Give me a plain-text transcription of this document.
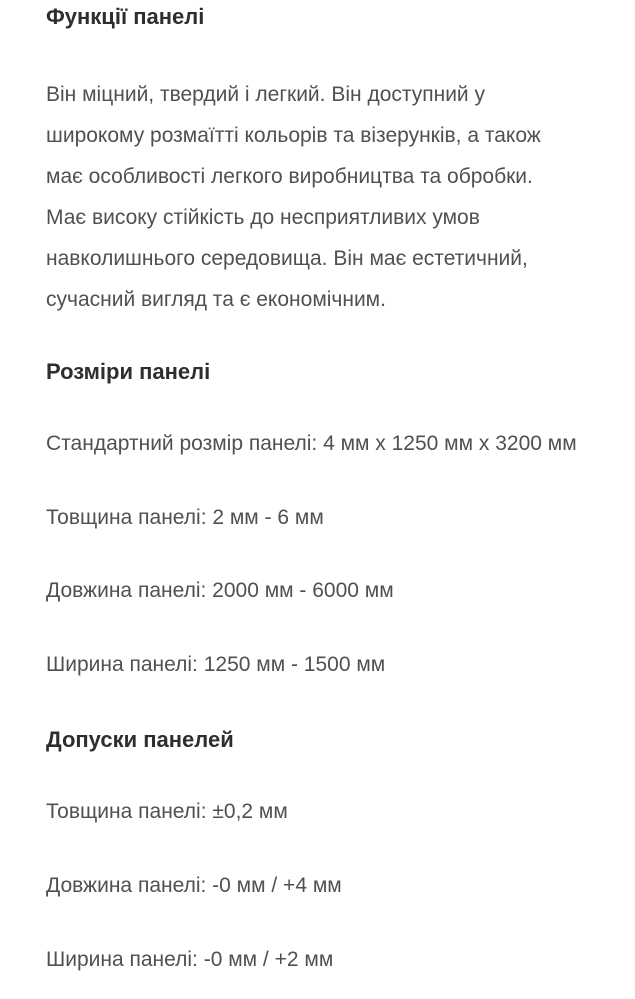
Функції панелі
Він міцний, твердий і легкий. Він доступний у
широкому розмаїтті кольорів та візерунків, а також
має особливості легкого виробництва та обробки.
Має високу стійкість до несприятливих умов
навколишнього середовища. Він має естетичний,
сучасний вигляд та є економічним.
Розміри панелі

Стандартний розмір панелі: 4 мм x 1250 мм x 3200 мм

Товщина панелі: 2 мм - 6 мм

Довжина панелі: 2000 мм - 6000 мм

Ширина панелі: 1250 мм - 1500 мм

Допуски панелей

Товщина панелі: ±0,2 мм

Довжина панелі: -0 мм / +4 мм

Ширина панелі: -0 мм / +2 мм
